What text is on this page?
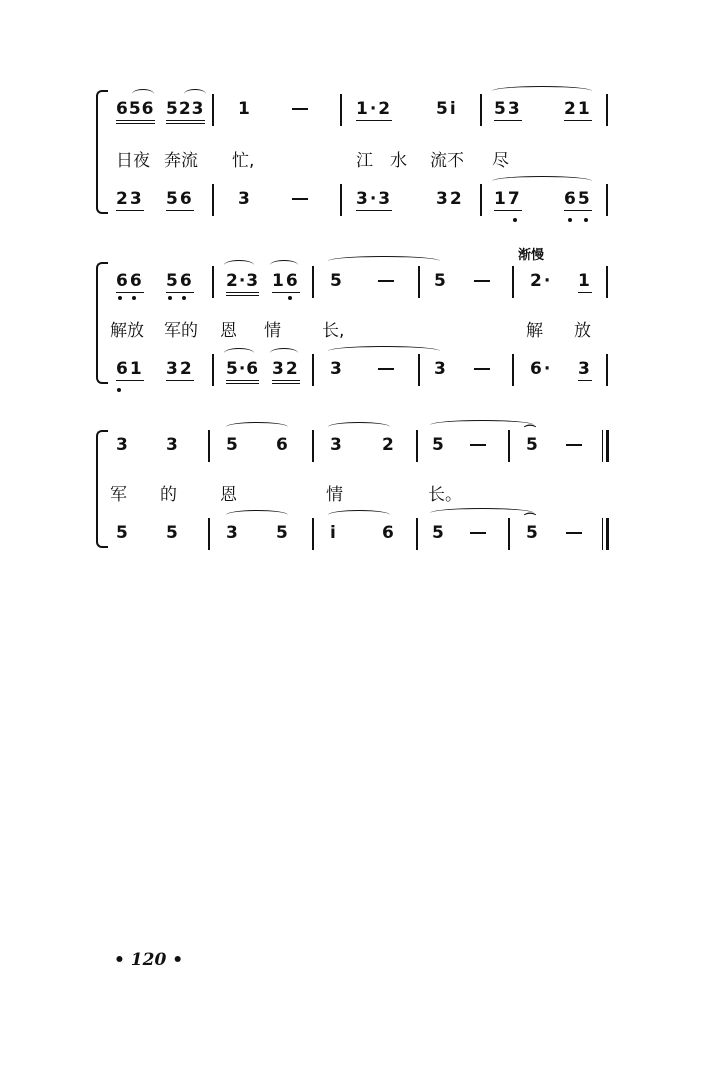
656 523 1	1·2	5i 53 21
日夜 奔流 忙,	江 水 流不 尽
23 56	3	3·3	32 17 65
渐慢
66 56 2·3 16 5	5	2· 1
解放 军的 恩 情 长,	解 放
61 32 5·6 32 3	3	6· 3
3 3	5 6 3 2 5	5
⌒
军 的	恩	情	长。
5 5	3 5 i	6 5	5
⌒
• 120 •
